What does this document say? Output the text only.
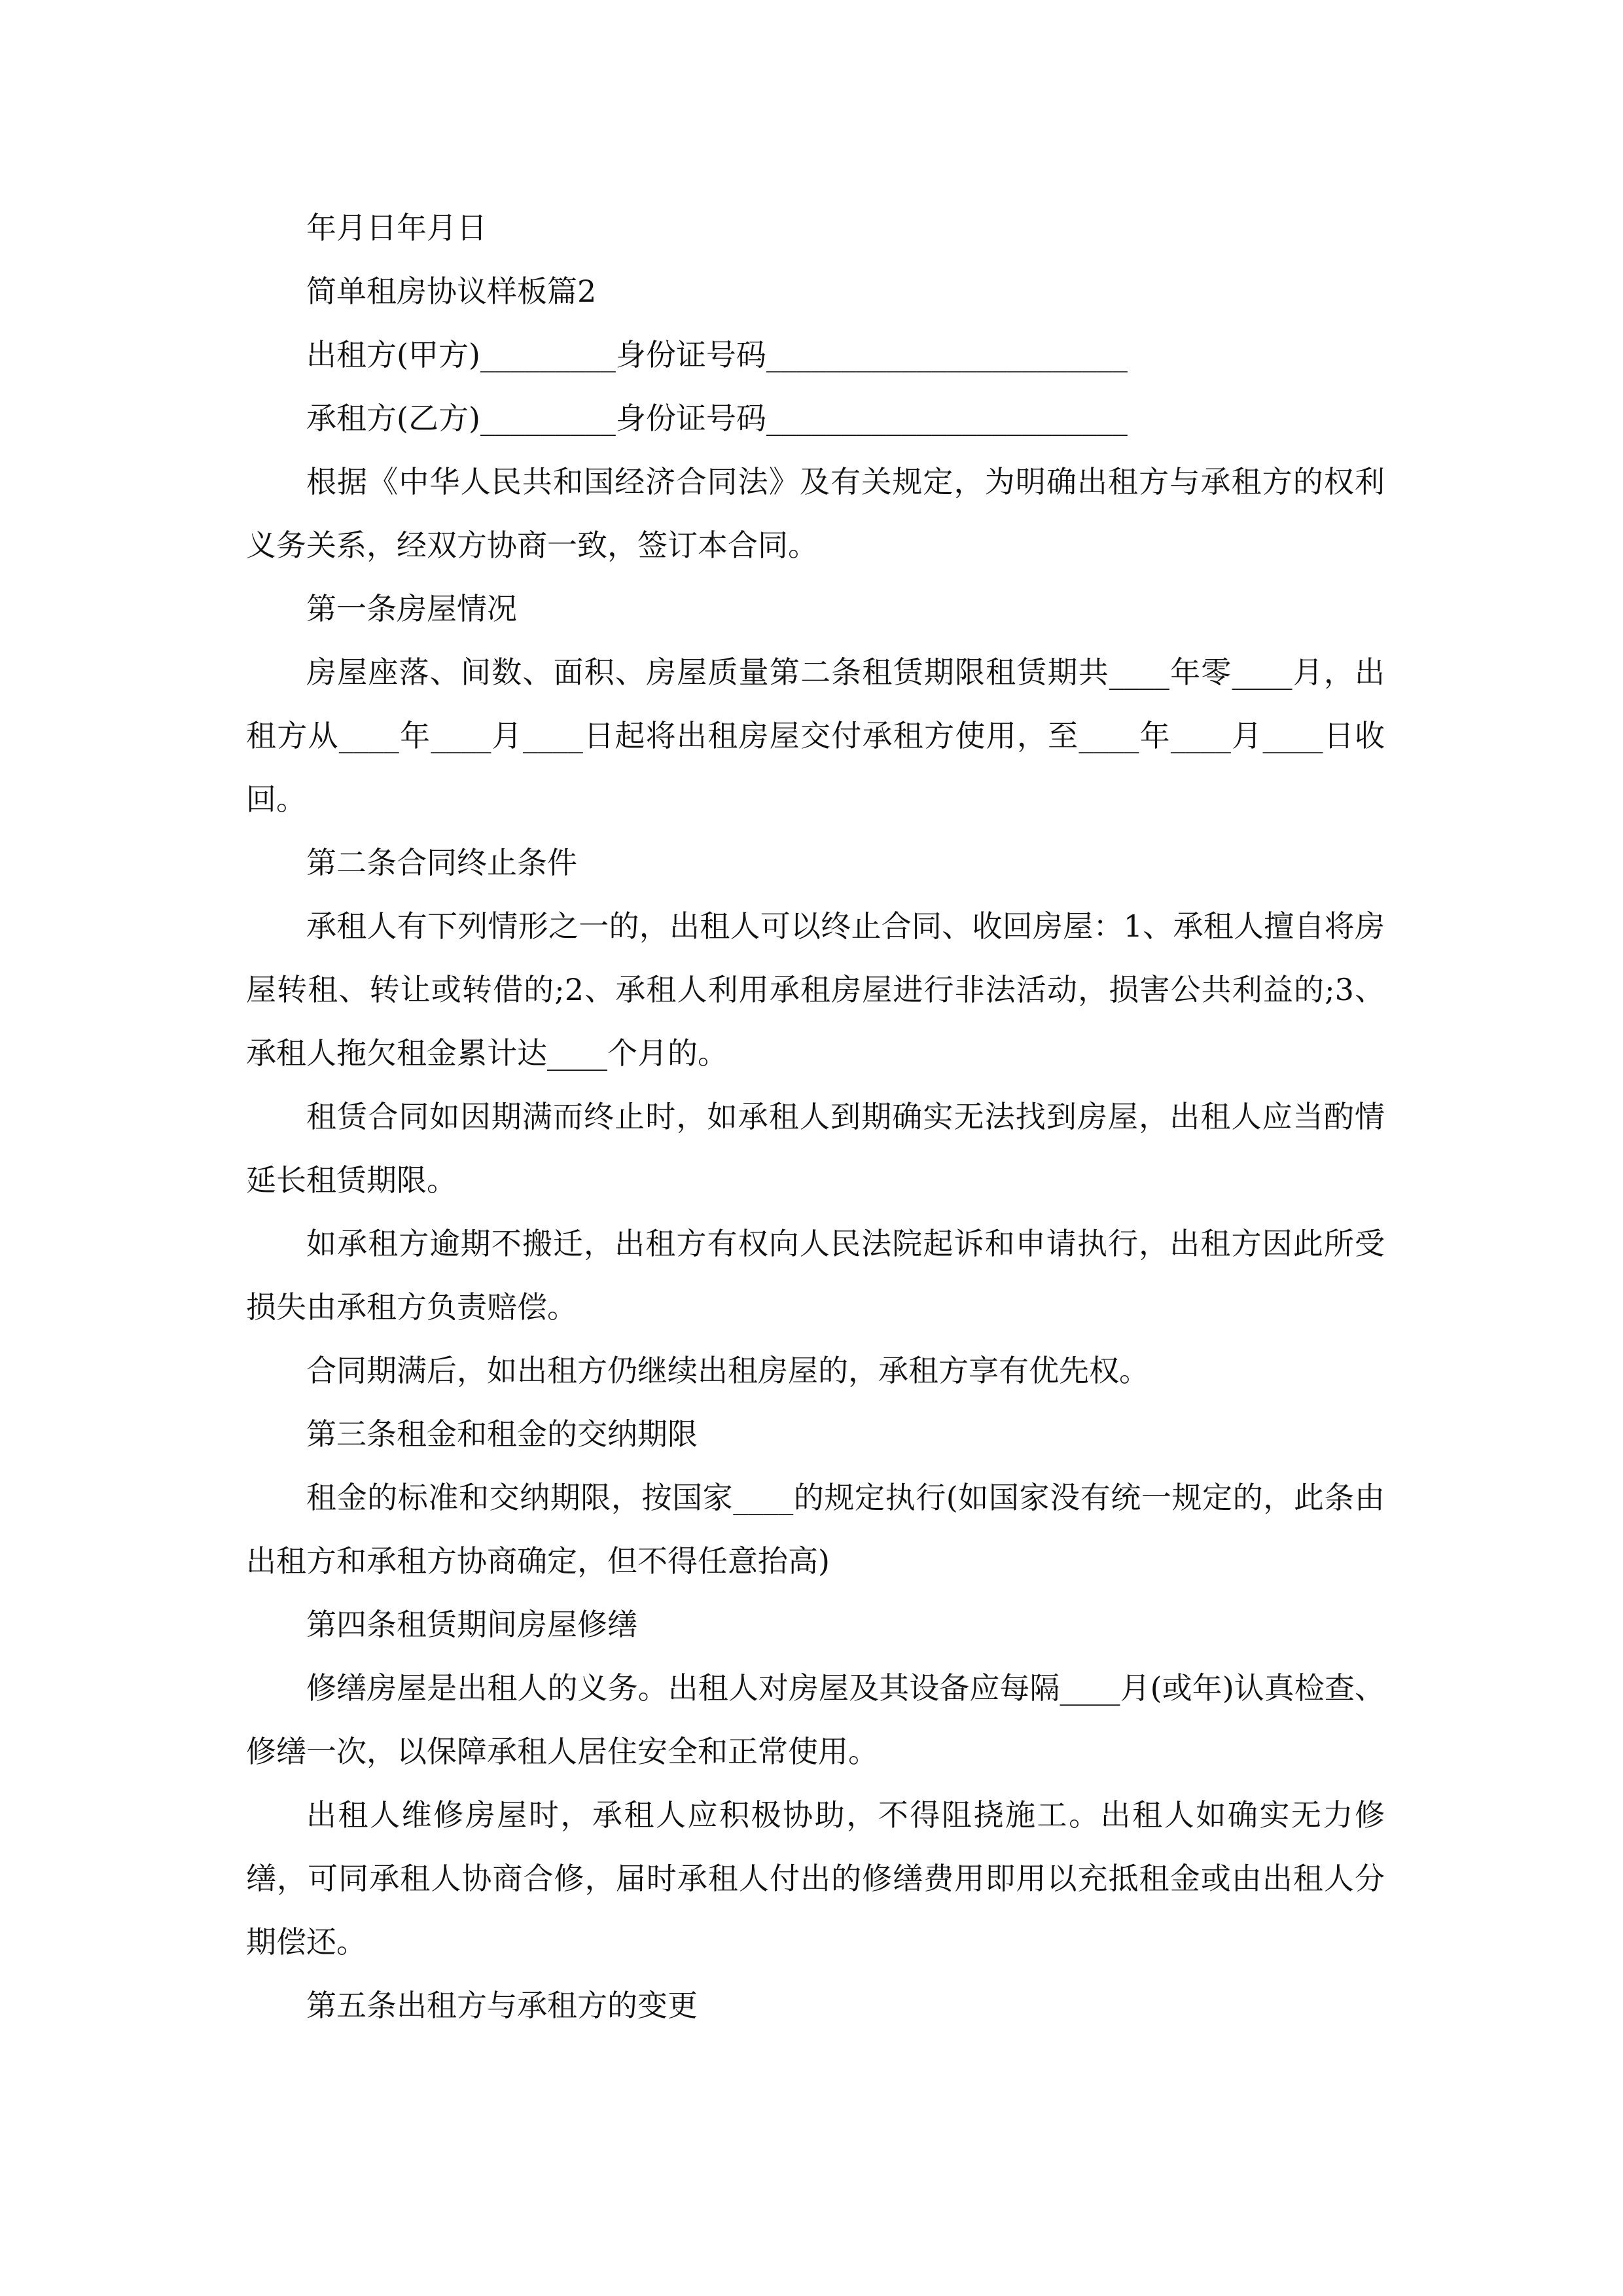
年月日年月日
简单租房协议样板篇2
出租方(甲方)_________身份证号码________________________
承租方(乙方)_________身份证号码________________________

根据《中华人民共和国经济合同法》及有关规定，为明确出租方与承租方的权利义务关系，经双方协商一致，签订本合同。

第一条房屋情况

房屋座落、间数、面积、房屋质量第二条租赁期限租赁期共____年零____月，出租方从____年____月____日起将出租房屋交付承租方使用，至____年____月____日收回。

第二条合同终止条件

承租人有下列情形之一的，出租人可以终止合同、收回房屋：1、承租人擅自将房屋转租、转让或转借的;2、承租人利用承租房屋进行非法活动，损害公共利益的;3、承租人拖欠租金累计达____个月的。

租赁合同如因期满而终止时，如承租人到期确实无法找到房屋，出租人应当酌情延长租赁期限。

如承租方逾期不搬迁，出租方有权向人民法院起诉和申请执行，出租方因此所受损失由承租方负责赔偿。

合同期满后，如出租方仍继续出租房屋的，承租方享有优先权。

第三条租金和租金的交纳期限

租金的标准和交纳期限，按国家____的规定执行(如国家没有统一规定的，此条由出租方和承租方协商确定，但不得任意抬高)

第四条租赁期间房屋修缮

修缮房屋是出租人的义务。出租人对房屋及其设备应每隔____月(或年)认真检查、修缮一次，以保障承租人居住安全和正常使用。

出租人维修房屋时，承租人应积极协助，不得阻挠施工。出租人如确实无力修缮，可同承租人协商合修，届时承租人付出的修缮费用即用以充抵租金或由出租人分期偿还。

第五条出租方与承租方的变更
